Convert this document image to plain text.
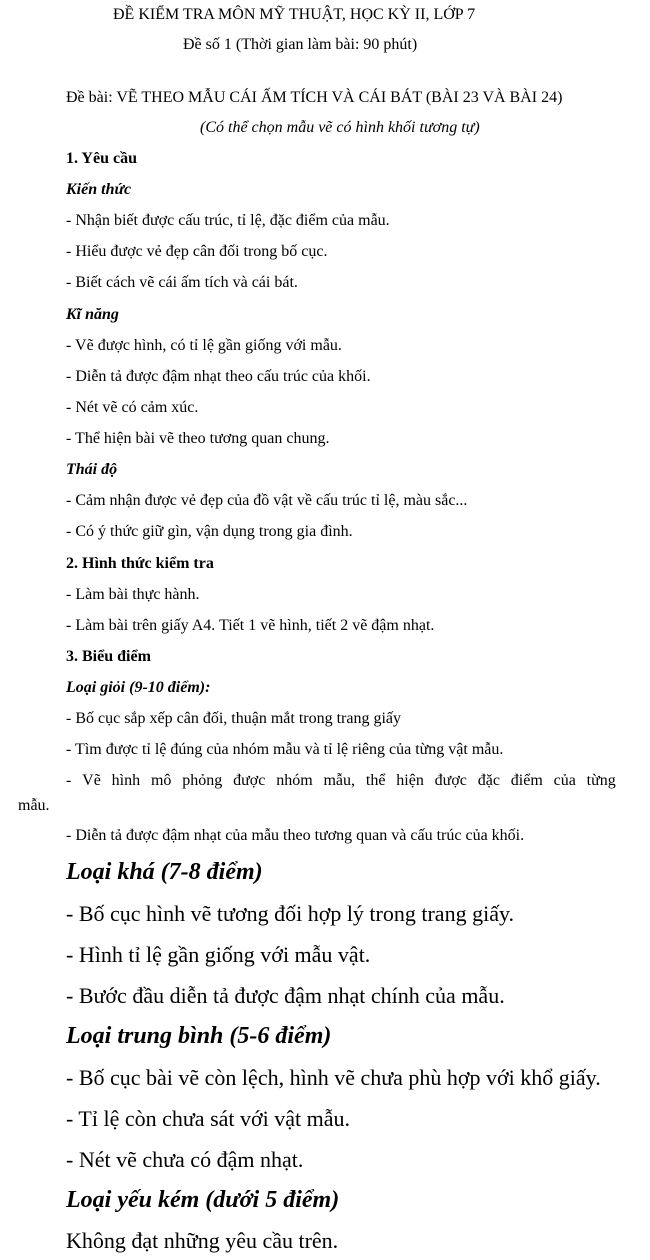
ĐỀ KIỂM TRA MÔN MỸ THUẬT, HỌC KỲ II, LỚP 7
Đề số 1 (Thời gian làm bài: 90 phút)
Đề bài: VẼ THEO MẪU CÁI ẤM TÍCH VÀ CÁI BÁT (BÀI 23 VÀ BÀI 24)
(Có thể chọn mẫu vẽ có hình khối tương tự)
1. Yêu cầu
Kiến thức
- Nhận biết được cấu trúc, tỉ lệ, đặc điểm của mẫu.
- Hiểu được vẻ đẹp cân đối trong bố cục.
- Biết cách vẽ cái ấm tích và cái bát.
Kĩ năng
- Vẽ được hình, có tỉ lệ gần giống với mẫu.
- Diễn tả được đậm nhạt theo cấu trúc của khối.
- Nét vẽ có cảm xúc.
- Thể hiện bài vẽ theo tương quan chung.
Thái độ
- Cảm nhận được vẻ đẹp của đồ vật về cấu trúc tỉ lệ, màu sắc...
- Có ý thức giữ gìn, vận dụng trong gia đình.
2. Hình thức kiểm tra
- Làm bài thực hành.
- Làm bài trên giấy A4. Tiết 1 vẽ hình, tiết 2 vẽ đậm nhạt.
3. Biểu điểm
Loại giỏi (9-10 điểm):
- Bố cục sắp xếp cân đối, thuận mắt trong trang giấy
- Tìm được tỉ lệ đúng của nhóm mẫu và tỉ lệ riêng của từng vật mẫu.
- Vẽ hình mô phỏng được nhóm mẫu, thể hiện được đặc điểm của từng
mẫu.
- Diễn tả được đậm nhạt của mẫu theo tương quan và cấu trúc của khối.
Loại khá (7-8 điểm)
- Bố cục hình vẽ tương đối hợp lý trong trang giấy.
- Hình tỉ lệ gần giống với mẫu vật.
- Bước đầu diễn tả được đậm nhạt chính của mẫu.
Loại trung bình (5-6 điểm)
- Bố cục bài vẽ còn lệch, hình vẽ chưa phù hợp với khổ giấy.
- Tỉ lệ còn chưa sát với vật mẫu.
- Nét vẽ chưa có đậm nhạt.
Loại yếu kém (dưới 5 điểm)
Không đạt những yêu cầu trên.
